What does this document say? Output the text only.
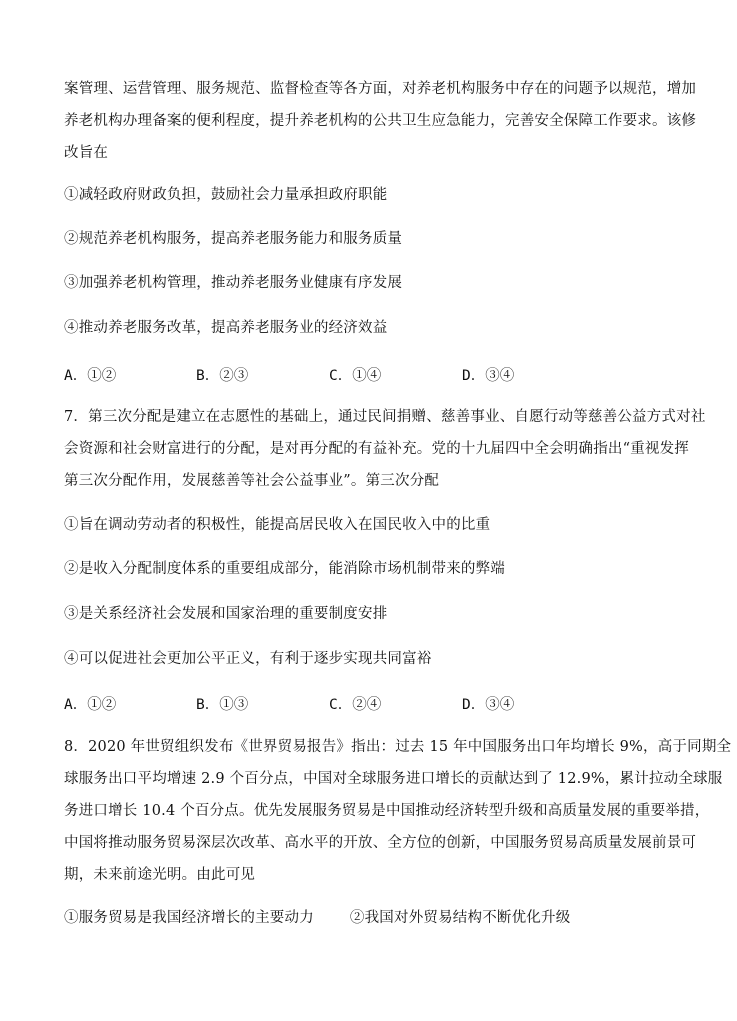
案管理、运营管理、服务规范、监督检查等各方面，对养老机构服务中存在的问题予以规范，增加
养老机构办理备案的便利程度，提升养老机构的公共卫生应急能力，完善安全保障工作要求。该修
改旨在
①减轻政府财政负担，鼓励社会力量承担政府职能
②规范养老机构服务，提高养老服务能力和服务质量
③加强养老机构管理，推动养老服务业健康有序发展
④推动养老服务改革，提高养老服务业的经济效益
A．①②	B．②③	C．①④	D．③④
7．第三次分配是建立在志愿性的基础上，通过民间捐赠、慈善事业、自愿行动等慈善公益方式对社
会资源和社会财富进行的分配，是对再分配的有益补充。党的十九届四中全会明确指出“重视发挥
第三次分配作用，发展慈善等社会公益事业”。第三次分配
①旨在调动劳动者的积极性，能提高居民收入在国民收入中的比重
②是收入分配制度体系的重要组成部分，能消除市场机制带来的弊端
③是关系经济社会发展和国家治理的重要制度安排
④可以促进社会更加公平正义，有利于逐步实现共同富裕
A．①②	B．①③	C．②④	D．③④
8．2020 年世贸组织发布《世界贸易报告》指出：过去 15 年中国服务出口年均增长 9%，高于同期全
球服务出口平均增速 2.9 个百分点，中国对全球服务进口增长的贡献达到了 12.9%，累计拉动全球服
务进口增长 10.4 个百分点。优先发展服务贸易是中国推动经济转型升级和高质量发展的重要举措，
中国将推动服务贸易深层次改革、高水平的开放、全方位的创新，中国服务贸易高质量发展前景可
期，未来前途光明。由此可见
①服务贸易是我国经济增长的主要动力 ②我国对外贸易结构不断优化升级
